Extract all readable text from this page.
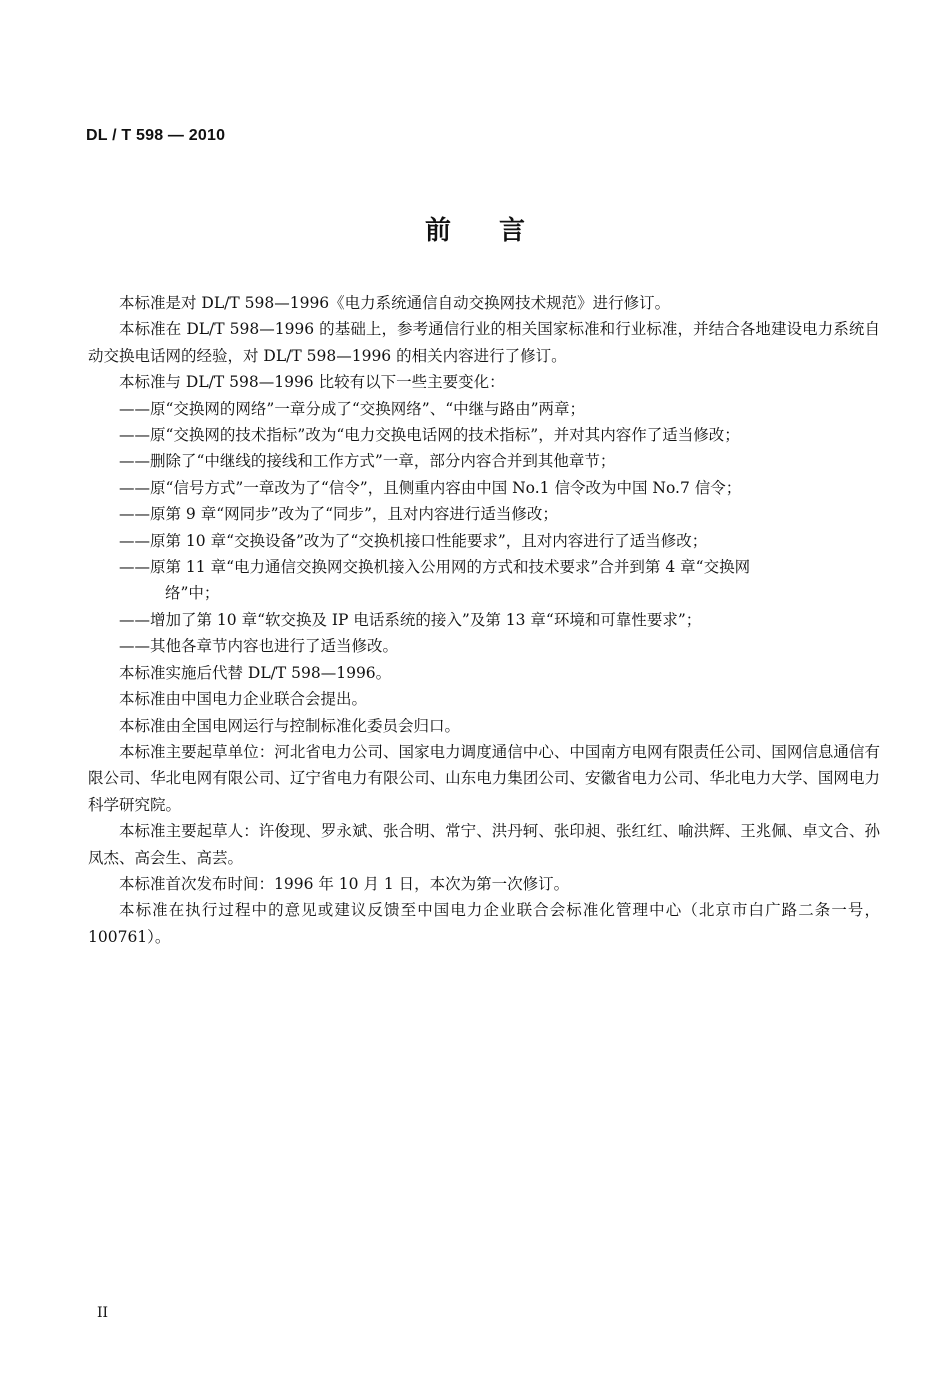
DL / T 598 — 2010
前言

本标准是对 DL/T 598—1996《电力系统通信自动交换网技术规范》进行修订。

本标准在 DL/T 598—1996 的基础上，参考通信行业的相关国家标准和行业标准，并结合各地建设电力系统自动交换电话网的经验，对 DL/T 598—1996 的相关内容进行了修订。

本标准与 DL/T 598—1996 比较有以下一些主要变化：

——原“交换网的网络”一章分成了“交换网络”、“中继与路由”两章；

——原“交换网的技术指标”改为“电力交换电话网的技术指标”，并对其内容作了适当修改；

——删除了“中继线的接线和工作方式”一章，部分内容合并到其他章节；

——原“信号方式”一章改为了“信令”，且侧重内容由中国 No.1 信令改为中国 No.7 信令；

——原第 9 章“网同步”改为了“同步”，且对内容进行适当修改；

——原第 10 章“交换设备”改为了“交换机接口性能要求”，且对内容进行了适当修改；

——原第 11 章“电力通信交换网交换机接入公用网的方式和技术要求”合并到第 4 章“交换网
络”中；

——增加了第 10 章“软交换及 IP 电话系统的接入”及第 13 章“环境和可靠性要求”；

——其他各章节内容也进行了适当修改。

本标准实施后代替 DL/T 598—1996。

本标准由中国电力企业联合会提出。

本标准由全国电网运行与控制标准化委员会归口。

本标准主要起草单位：河北省电力公司、国家电力调度通信中心、中国南方电网有限责任公司、国网信息通信有限公司、华北电网有限公司、辽宁省电力有限公司、山东电力集团公司、安徽省电力公司、华北电力大学、国网电力科学研究院。

本标准主要起草人：许俊现、罗永斌、张合明、常宁、洪丹轲、张印昶、张红红、喻洪辉、王兆佩、卓文合、孙凤杰、高会生、高芸。

本标准首次发布时间：1996 年 10 月 1 日，本次为第一次修订。

本标准在执行过程中的意见或建议反馈至中国电力企业联合会标准化管理中心（北京市白广路二条一号，100761）。

II
